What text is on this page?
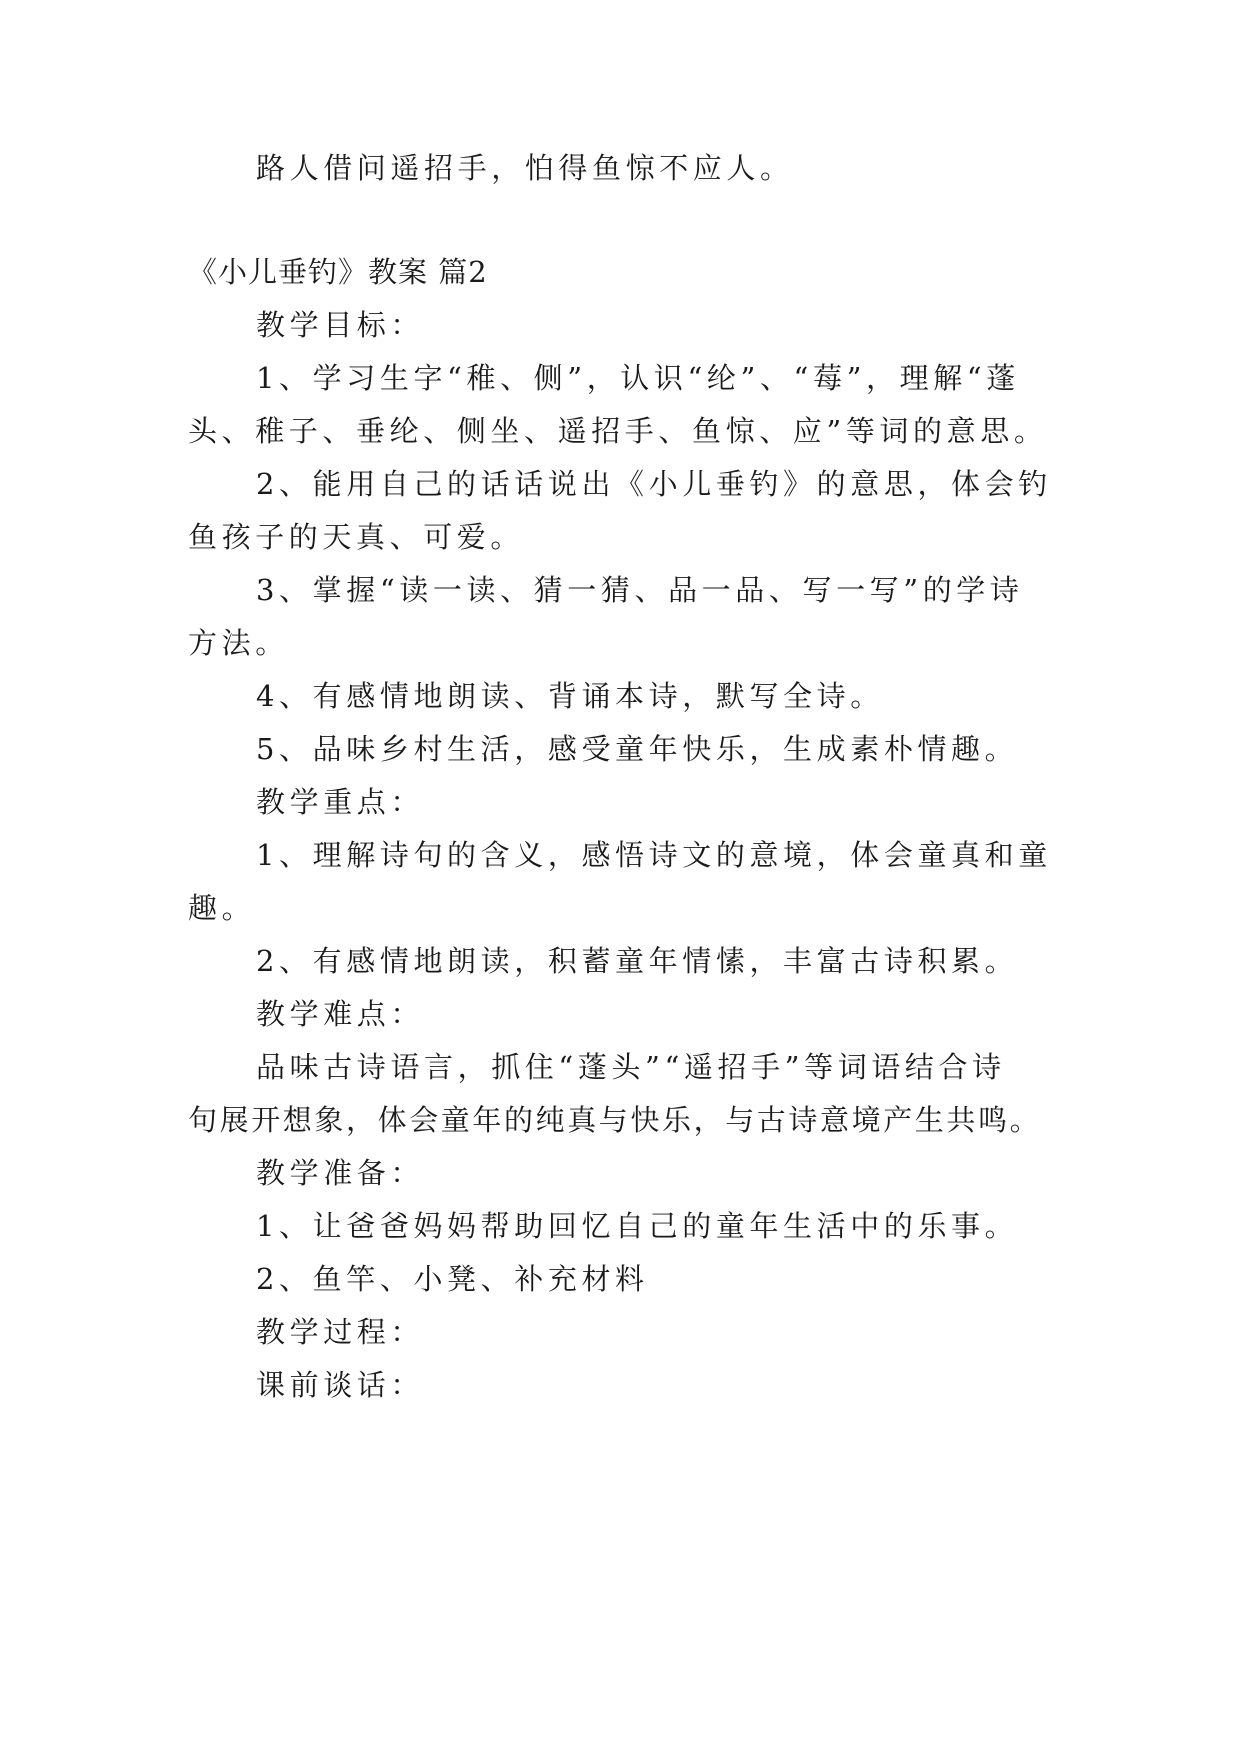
路人借问遥招手，怕得鱼惊不应人。
《小儿垂钓》教案 篇2
教学目标：
1、学习生字“稚、侧”，认识“纶”、“莓”，理解“蓬
头、稚子、垂纶、侧坐、遥招手、鱼惊、应”等词的意思。
2、能用自己的话话说出《小儿垂钓》的意思，体会钓
鱼孩子的天真、可爱。
3、掌握“读一读、猜一猜、品一品、写一写”的学诗
方法。
4、有感情地朗读、背诵本诗，默写全诗。
5、品味乡村生活，感受童年快乐，生成素朴情趣。
教学重点：
1、理解诗句的含义，感悟诗文的意境，体会童真和童
趣。
2、有感情地朗读，积蓄童年情愫，丰富古诗积累。
教学难点：
品味古诗语言，抓住“蓬头”“遥招手”等词语结合诗
句展开想象，体会童年的纯真与快乐，与古诗意境产生共鸣。
教学准备：
1、让爸爸妈妈帮助回忆自己的童年生活中的乐事。
2、鱼竿、小凳、补充材料
教学过程：
课前谈话：
